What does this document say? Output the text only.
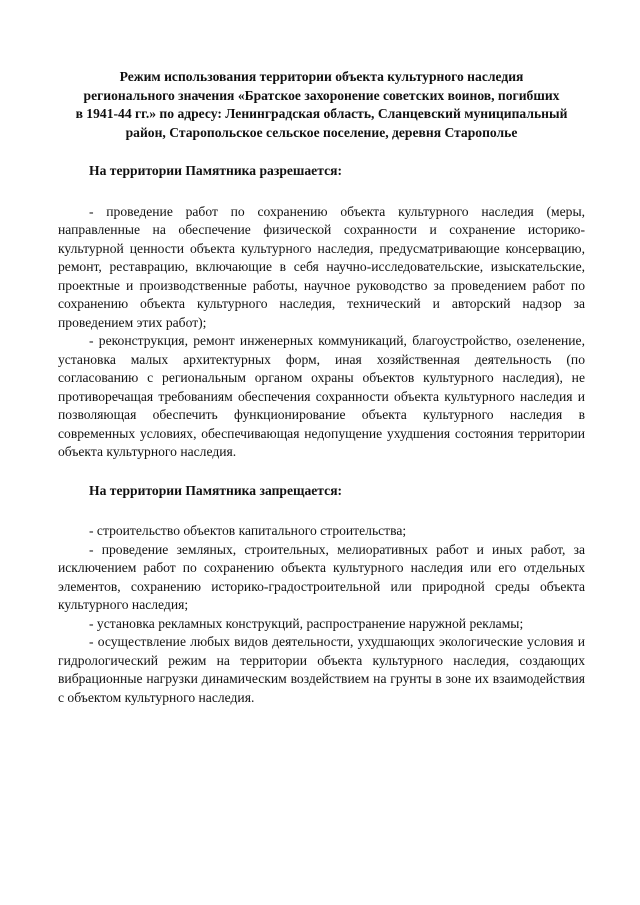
Режим использования территории объекта культурного наследия
регионального значения «Братское захоронение советских воинов, погибших
в 1941-44 гг.» по адресу: Ленинградская область, Сланцевский муниципальный
район, Старопольское сельское поселение, деревня Старополье
На территории Памятника разрешается:

- проведение работ по сохранению объекта культурного наследия (меры, направленные на обеспечение физической сохранности и сохранение историко-культурной ценности объекта культурного наследия, предусматривающие консервацию, ремонт, реставрацию, включающие в себя научно-исследовательские, изыскательские, проектные и производственные работы, научное руководство за проведением работ по сохранению объекта культурного наследия, технический и авторский надзор за проведением этих работ);

- реконструкция, ремонт инженерных коммуникаций, благоустройство, озеленение, установка малых архитектурных форм, иная хозяйственная деятельность (по согласованию с региональным органом охраны объектов культурного наследия), не противоречащая требованиям обеспечения сохранности объекта культурного наследия и позволяющая обеспечить функционирование объекта культурного наследия в современных условиях, обеспечивающая недопущение ухудшения состояния территории объекта культурного наследия.

На территории Памятника запрещается:

- строительство объектов капитального строительства;

- проведение земляных, строительных, мелиоративных работ и иных работ, за исключением работ по сохранению объекта культурного наследия или его отдельных элементов, сохранению историко-градостроительной или природной среды объекта культурного наследия;

- установка рекламных конструкций, распространение наружной рекламы;

- осуществление любых видов деятельности, ухудшающих экологические условия и гидрологический режим на территории объекта культурного наследия, создающих вибрационные нагрузки динамическим воздействием на грунты в зоне их взаимодействия с объектом культурного наследия.
